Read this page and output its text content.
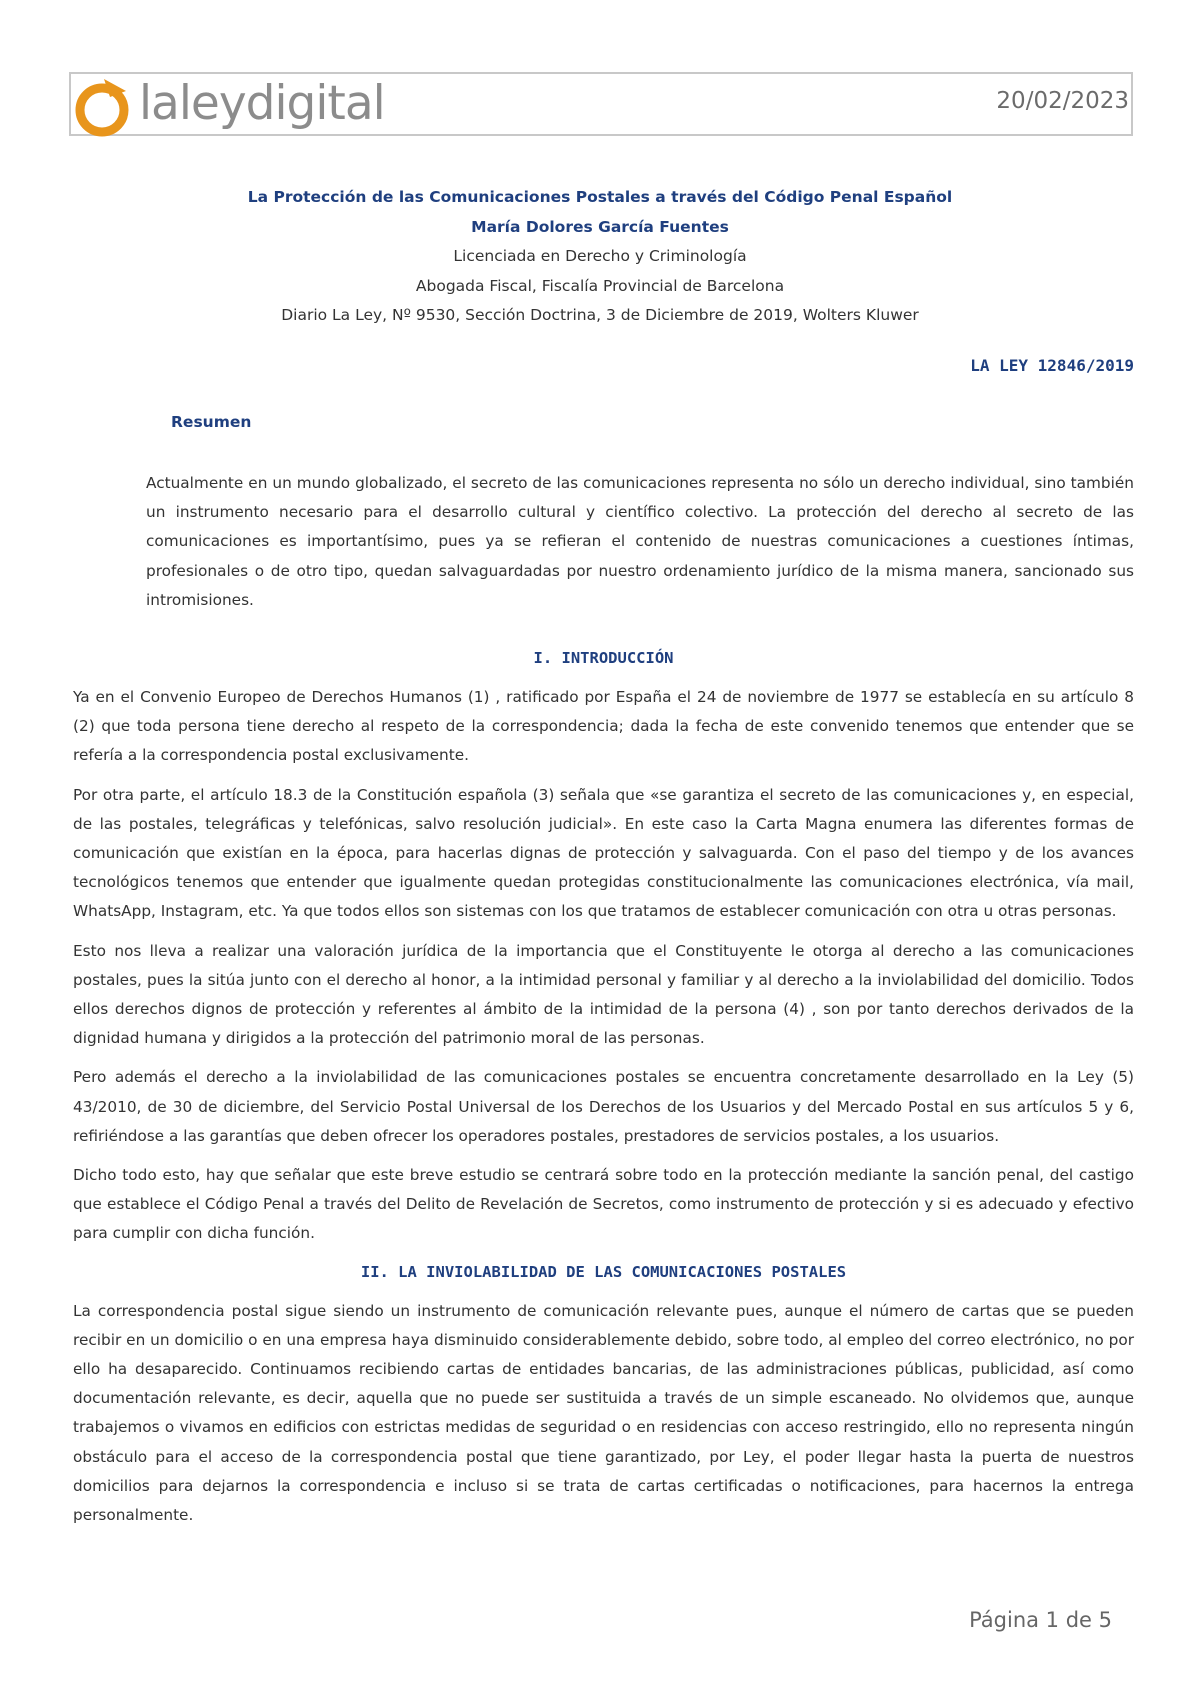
laleydigital	20/02/2023
La Protección de las Comunicaciones Postales a través del Código Penal Español
María Dolores García Fuentes
Licenciada en Derecho y Criminología
Abogada Fiscal, Fiscalía Provincial de Barcelona
Diario La Ley, Nº 9530, Sección Doctrina, 3 de Diciembre de 2019, Wolters Kluwer

LA LEY 12846/2019

Resumen

Actualmente en un mundo globalizado, el secreto de las comunicaciones representa no sólo un derecho individual, sino también un instrumento necesario para el desarrollo cultural y científico colectivo. La protección del derecho al secreto de las comunicaciones es importantísimo, pues ya se refieran el contenido de nuestras comunicaciones a cuestiones íntimas, profesionales o de otro tipo, quedan salvaguardadas por nuestro ordenamiento jurídico de la misma manera, sancionado sus intromisiones.

I. INTRODUCCIÓN

Ya en el Convenio Europeo de Derechos Humanos (1) , ratificado por España el 24 de noviembre de 1977 se establecía en su artículo 8 (2) que toda persona tiene derecho al respeto de la correspondencia; dada la fecha de este convenido tenemos que entender que se refería a la correspondencia postal exclusivamente.

Por otra parte, el artículo 18.3 de la Constitución española (3) señala que «se garantiza el secreto de las comunicaciones y, en especial, de las postales, telegráficas y telefónicas, salvo resolución judicial». En este caso la Carta Magna enumera las diferentes formas de comunicación que existían en la época, para hacerlas dignas de protección y salvaguarda. Con el paso del tiempo y de los avances tecnológicos tenemos que entender que igualmente quedan protegidas constitucionalmente las comunicaciones electrónica, vía mail, WhatsApp, Instagram, etc. Ya que todos ellos son sistemas con los que tratamos de establecer comunicación con otra u otras personas.

Esto nos lleva a realizar una valoración jurídica de la importancia que el Constituyente le otorga al derecho a las comunicaciones postales, pues la sitúa junto con el derecho al honor, a la intimidad personal y familiar y al derecho a la inviolabilidad del domicilio. Todos ellos derechos dignos de protección y referentes al ámbito de la intimidad de la persona (4) , son por tanto derechos derivados de la dignidad humana y dirigidos a la protección del patrimonio moral de las personas.

Pero además el derecho a la inviolabilidad de las comunicaciones postales se encuentra concretamente desarrollado en la Ley (5) 43/2010, de 30 de diciembre, del Servicio Postal Universal de los Derechos de los Usuarios y del Mercado Postal en sus artículos 5 y 6, refiriéndose a las garantías que deben ofrecer los operadores postales, prestadores de servicios postales, a los usuarios.

Dicho todo esto, hay que señalar que este breve estudio se centrará sobre todo en la protección mediante la sanción penal, del castigo que establece el Código Penal a través del Delito de Revelación de Secretos, como instrumento de protección y si es adecuado y efectivo para cumplir con dicha función.

II. LA INVIOLABILIDAD DE LAS COMUNICACIONES POSTALES

La correspondencia postal sigue siendo un instrumento de comunicación relevante pues, aunque el número de cartas que se pueden recibir en un domicilio o en una empresa haya disminuido considerablemente debido, sobre todo, al empleo del correo electrónico, no por ello ha desaparecido. Continuamos recibiendo cartas de entidades bancarias, de las administraciones públicas, publicidad, así como documentación relevante, es decir, aquella que no puede ser sustituida a través de un simple escaneado. No olvidemos que, aunque trabajemos o vivamos en edificios con estrictas medidas de seguridad o en residencias con acceso restringido, ello no representa ningún obstáculo para el acceso de la correspondencia postal que tiene garantizado, por Ley, el poder llegar hasta la puerta de nuestros domicilios para dejarnos la correspondencia e incluso si se trata de cartas certificadas o notificaciones, para hacernos la entrega personalmente.

Página 1 de 5
